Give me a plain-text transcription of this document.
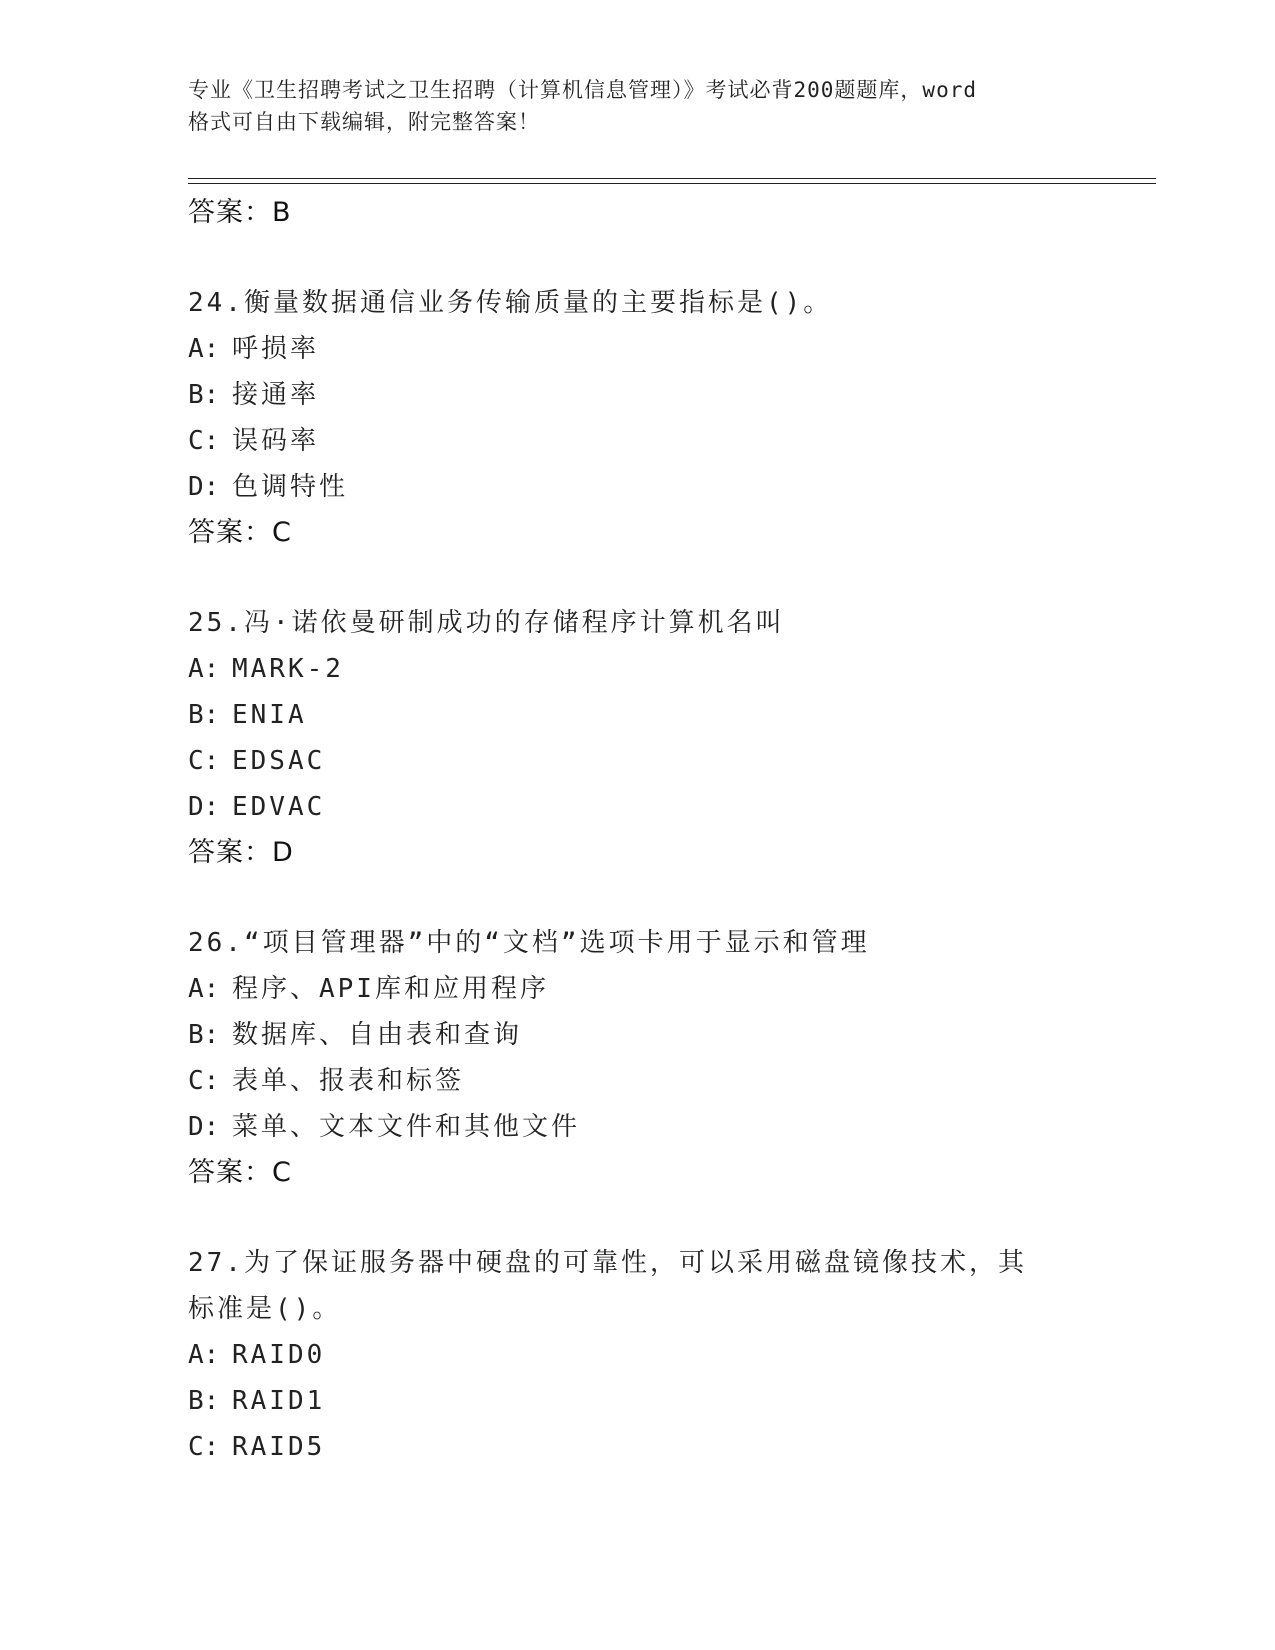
专业《卫生招聘考试之卫生招聘（计算机信息管理）》考试必背200题题库，word
格式可自由下载编辑，附完整答案！
答案：B
24.衡量数据通信业务传输质量的主要指标是()。
A: 呼损率
B: 接通率
C: 误码率
D: 色调特性
答案：C
25.冯·诺依曼研制成功的存储程序计算机名叫
A: MARK-2
B: ENIA
C: EDSAC
D: EDVAC
答案：D
26.“项目管理器”中的“文档”选项卡用于显示和管理
A: 程序、API库和应用程序
B: 数据库、自由表和查询
C: 表单、报表和标签
D: 菜单、文本文件和其他文件
答案：C
27.为了保证服务器中硬盘的可靠性，可以采用磁盘镜像技术，其标准是()。
A: RAID0
B: RAID1
C: RAID5
